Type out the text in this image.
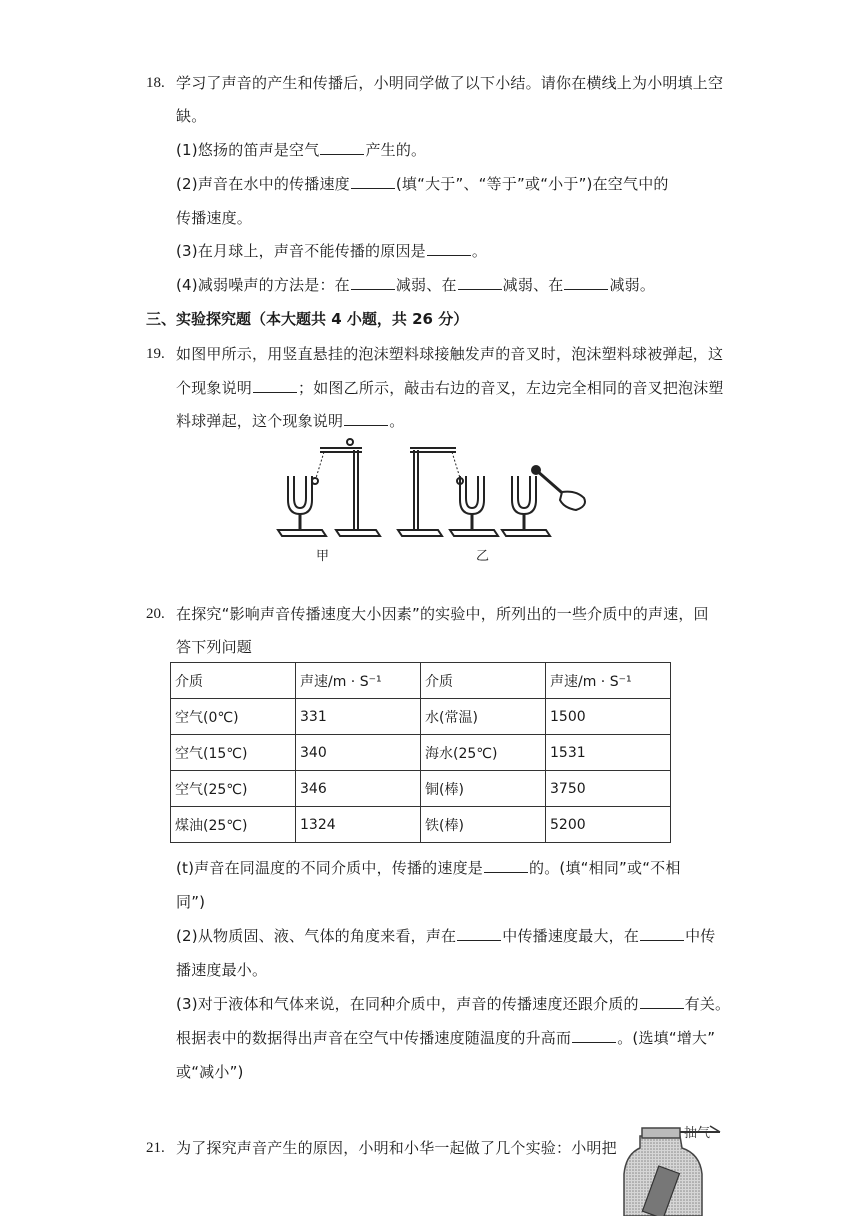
18. 学习了声音的产生和传播后，小明同学做了以下小结。请你在横线上为小明填上空
缺。
(1)悠扬的笛声是空气	产生的。
(2)声音在水中的传播速度	(填“大于”、“等于”或“小于”)在空气中的
传播速度。
(3)在月球上，声音不能传播的原因是	。
(4)减弱噪声的方法是：在	减弱、在	减弱、在	减弱。
三、实验探究题（本大题共 4 小题，共 26 分）
19. 如图甲所示，用竖直悬挂的泡沫塑料球接触发声的音叉时，泡沫塑料球被弹起，这
个现象说明	；如图乙所示，敲击右边的音叉，左边完全相同的音叉把泡沫塑
料球弹起，这个现象说明	。
甲	乙
20. 在探究“影响声音传播速度大小因素”的实验中，所列出的一些介质中的声速，回
答下列问题
介质	声速/m · S⁻¹	介质	声速/m · S⁻¹
空气(0℃)	331	水(常温)	1500
空气(15℃)	340	海水(25℃)	1531
空气(25℃)	346	铜(棒)	3750
煤油(25℃)	1324	铁(棒)	5200
(t)声音在同温度的不同介质中，传播的速度是	的。(填“相同”或“不相
同”)
(2)从物质固、液、气体的角度来看，声在	中传播速度最大，在	中传
播速度最小。
(3)对于液体和气体来说，在同种介质中，声音的传播速度还跟介质的	有关。
根据表中的数据得出声音在空气中传播速度随温度的升高而	。(选填“增大”
或“减小”)
21. 为了探究声音产生的原因，小明和小华一起做了几个实验：小明把
抽气
